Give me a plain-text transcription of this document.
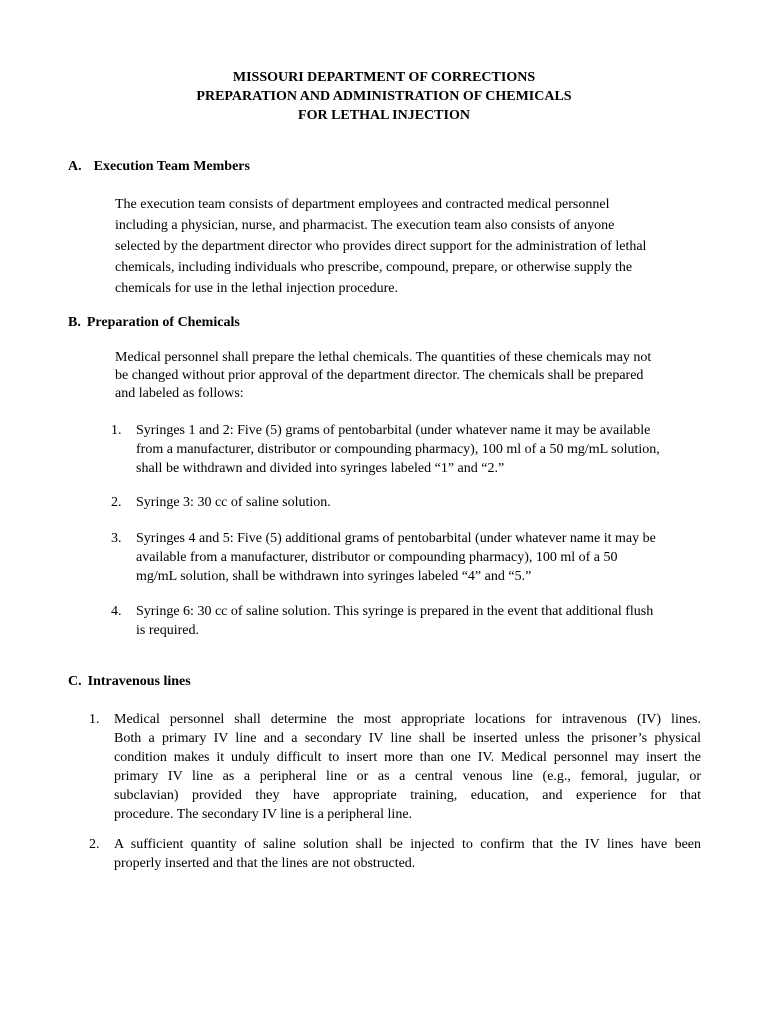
MISSOURI DEPARTMENT OF CORRECTIONS
PREPARATION AND ADMINISTRATION OF CHEMICALS
FOR LETHAL INJECTION
A. Execution Team Members
The execution team consists of department employees and contracted medical personnel
including a physician, nurse, and pharmacist. The execution team also consists of anyone
selected by the department director who provides direct support for the administration of lethal
chemicals, including individuals who prescribe, compound, prepare, or otherwise supply the
chemicals for use in the lethal injection procedure.
B. Preparation of Chemicals
Medical personnel shall prepare the lethal chemicals. The quantities of these chemicals may not
be changed without prior approval of the department director. The chemicals shall be prepared
and labeled as follows:
1. Syringes 1 and 2: Five (5) grams of pentobarbital (under whatever name it may be available
from a manufacturer, distributor or compounding pharmacy), 100 ml of a 50 mg/mL solution,
shall be withdrawn and divided into syringes labeled “1” and “2.”
2. Syringe 3: 30 cc of saline solution.
3. Syringes 4 and 5: Five (5) additional grams of pentobarbital (under whatever name it may be
available from a manufacturer, distributor or compounding pharmacy), 100 ml of a 50
mg/mL solution, shall be withdrawn into syringes labeled “4” and “5.”
4. Syringe 6: 30 cc of saline solution. This syringe is prepared in the event that additional flush
is required.
C. Intravenous lines
1. Medical personnel shall determine the most appropriate locations for intravenous (IV) lines.
Both a primary IV line and a secondary IV line shall be inserted unless the prisoner’s physical
condition makes it unduly difficult to insert more than one IV. Medical personnel may insert the
primary IV line as a peripheral line or as a central venous line (e.g., femoral, jugular, or
subclavian) provided they have appropriate training, education, and experience for that
procedure. The secondary IV line is a peripheral line.
2. A sufficient quantity of saline solution shall be injected to confirm that the IV lines have been
properly inserted and that the lines are not obstructed.
